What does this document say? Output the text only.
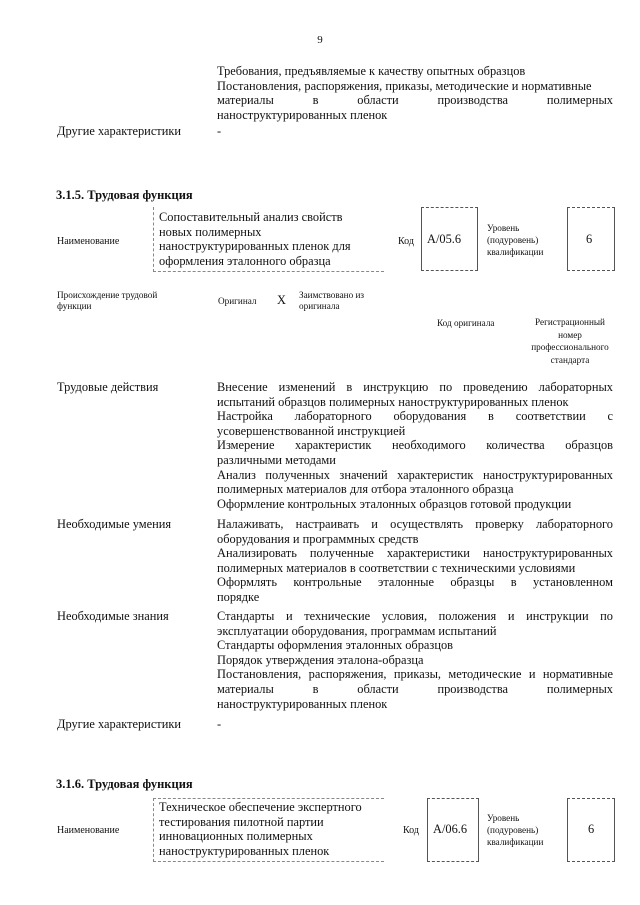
9
Требования, предъявляемые к качеству опытных образцов
Постановления, распоряжения, приказы, методические и нормативные
материалы в области производства полимерных
наноструктурированных пленок
Другие характеристики	-
3.1.5. Трудовая функция
Наименование
Сопоставительный анализ свойств
новых полимерных
наноструктурированных пленок для
оформления эталонного образца
Код А/05.6
Уровень
(подуровень)
квалификации
6
Происхождение трудовой
функции	Оригинал X Заимствовано из
оригинала
Код оригинала	Регистрационный
номер
профессионального
стандарта
Трудовые действия	Внесение изменений в инструкцию по проведению лабораторных
испытаний образцов полимерных наноструктурированных пленок
Настройка лабораторного оборудования в соответствии с
усовершенствованной инструкцией
Измерение характеристик необходимого количества образцов
различными методами
Анализ полученных значений характеристик наноструктурированных
полимерных материалов для отбора эталонного образца
Оформление контрольных эталонных образцов готовой продукции
Необходимые умения	Налаживать, настраивать и осуществлять проверку лабораторного
оборудования и программных средств
Анализировать полученные характеристики наноструктурированных
полимерных материалов в соответствии с техническими условиями
Оформлять контрольные эталонные образцы в установленном
порядке
Необходимые знания	Стандарты и технические условия, положения и инструкции по
эксплуатации оборудования, программам испытаний
Стандарты оформления эталонных образцов
Порядок утверждения эталона-образца
Постановления, распоряжения, приказы, методические и нормативные
материалы в области производства полимерных
наноструктурированных пленок
Другие характеристики	-
3.1.6. Трудовая функция
Наименование
Техническое обеспечение экспертного
тестирования пилотной партии
инновационных полимерных
наноструктурированных пленок
Код А/06.6
Уровень
(подуровень)
квалификации
6
